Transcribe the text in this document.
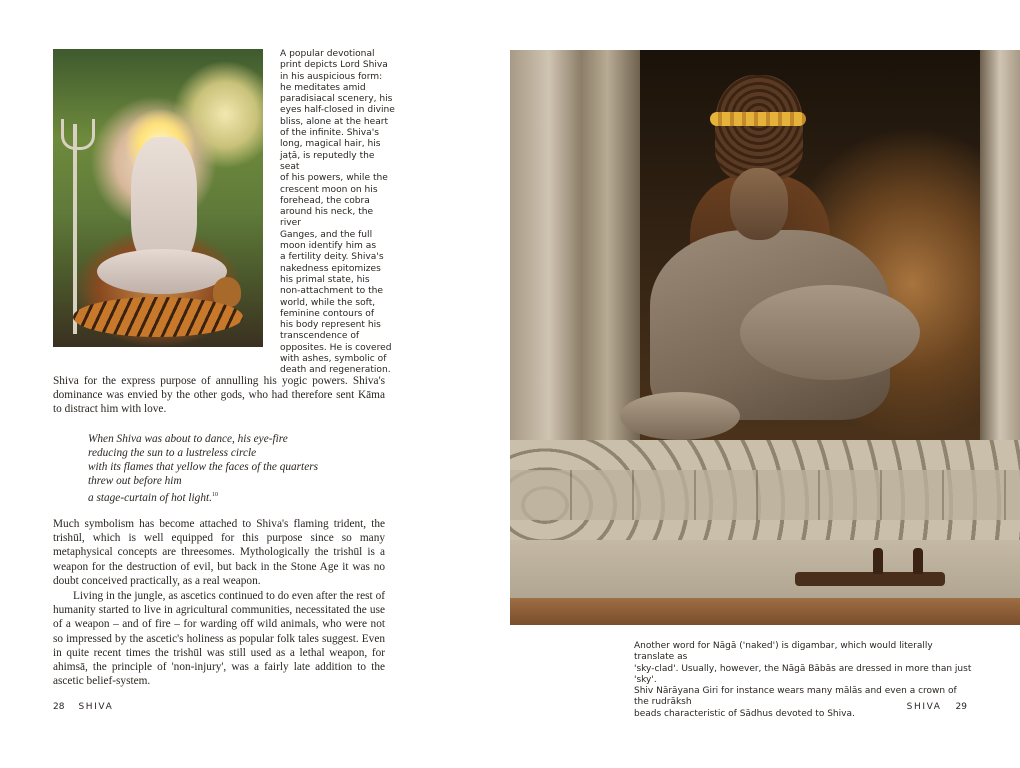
A popular devotional
print depicts Lord Shiva
in his auspicious form:
he meditates amid
paradisiacal scenery, his
eyes half-closed in divine
bliss, alone at the heart
of the infinite. Shiva's
long, magical hair, his
jaṭā, is reputedly the seat
of his powers, while the
crescent moon on his
forehead, the cobra
around his neck, the river
Ganges, and the full
moon identify him as
a fertility deity. Shiva's
nakedness epitomizes
his primal state, his
non-attachment to the
world, while the soft,
feminine contours of
his body represent his
transcendence of
opposites. He is covered
with ashes, symbolic of
death and regeneration.

Shiva for the express purpose of annulling his yogic powers. Shiva's dominance was envied by the other gods, who had therefore sent Kāma to distract him with love.

When Shiva was about to dance, his eye-fire
reducing the sun to a lustreless circle
with its flames that yellow the faces of the quarters
threw out before him
a stage-curtain of hot light.$^{10}$

Much symbolism has become attached to Shiva's flaming trident, the trishūl, which is well equipped for this purpose since so many metaphysical concepts are threesomes. Mythologically the trishūl is a weapon for the destruction of evil, but back in the Stone Age it was no doubt conceived practically, as a real weapon.

Living in the jungle, as ascetics continued to do even after the rest of humanity started to live in agricultural communities, necessitated the use of a weapon – and of fire – for warding off wild animals, who were not so impressed by the ascetic's holiness as popular folk tales suggest. Even in quite recent times the trishūl was still used as a lethal weapon, for ahimsā, the principle of 'non-injury', was a fairly late addition to the ascetic belief-system.

28 SHIVA

Another word for Nāgā ('naked') is digambar, which would literally translate as
'sky-clad'. Usually, however, the Nāgā Bābās are dressed in more than just 'sky'.
Shiv Nārāyana Giri for instance wears many mālās and even a crown of the rudrāksh
beads characteristic of Sādhus devoted to Shiva.

SHIVA 29
